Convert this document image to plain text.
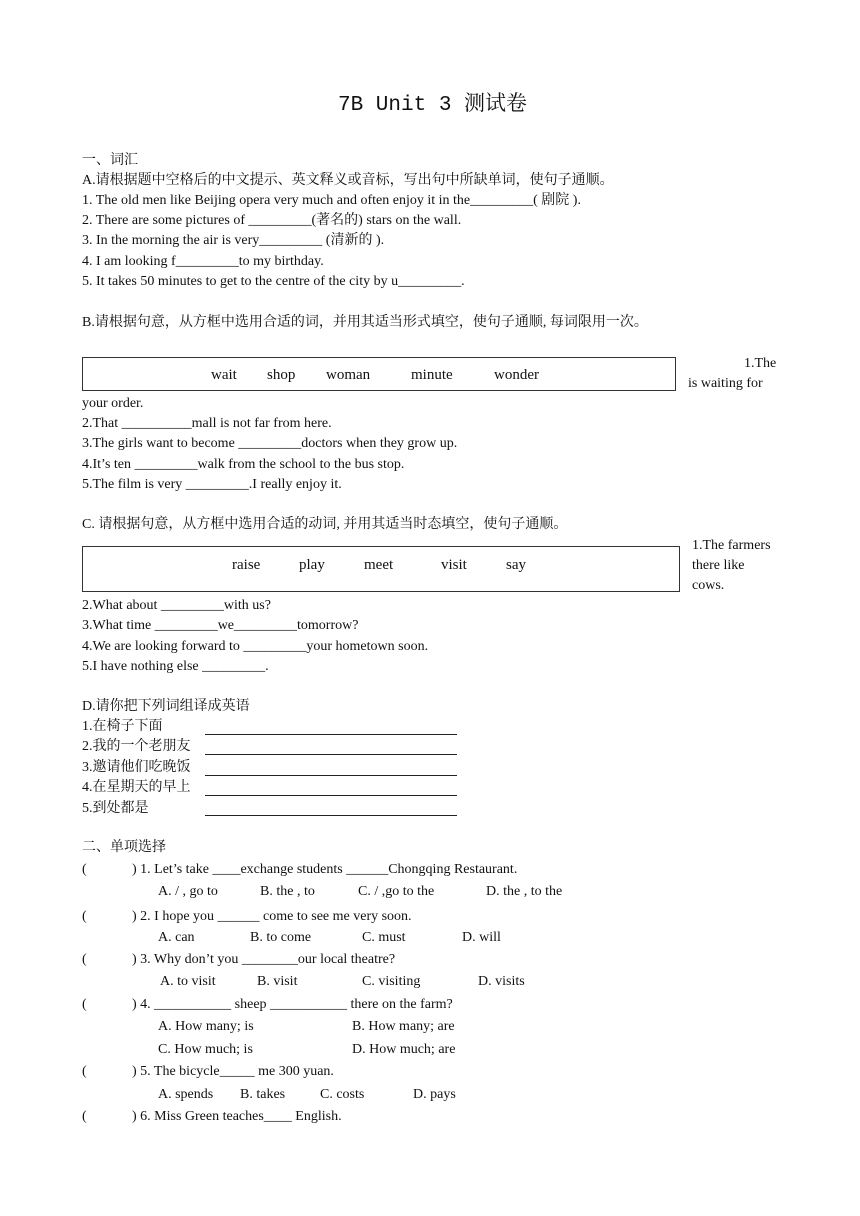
7B Unit 3 测试卷
一、词汇
A.请根据题中空格后的中文提示、英文释义或音标，写出句中所缺单词，使句子通顺。
1. The old men like Beijing opera very much and often enjoy it in the_________( 剧院 ).
2. There are some pictures of _________(著名的) stars on the wall.
3. In the morning the air is very_________ (清新的 ).
4. I am looking f_________to my birthday.
5. It takes 50 minutes to get to the centre of the city by u_________.
B.请根据句意，从方框中选用合适的词，并用其适当形式填空，使句子通顺, 每词限用一次。
wait shop woman	minute	wonder
1.The
is waiting for
your order.
2.That __________mall is not far from here.
3.The girls want to become _________doctors when they grow up.
4.It’s ten _________walk from the school to the bus stop.
5.The film is very _________.I really enjoy it.
C. 请根据句意，从方框中选用合适的动词, 并用其适当时态填空，使句子通顺。
raise	play	meet	visit	say
1.The farmers
there like
cows.
2.What about _________with us?
3.What time _________we_________tomorrow?
4.We are looking forward to _________your hometown soon.
5.I have nothing else _________.
D.请你把下列词组译成英语
1.在椅子下面
2.我的一个老朋友
3.邀请他们吃晚饭
4.在星期天的早上
5.到处都是
二、单项选择
(	) 1. Let’s take ____exchange students ______Chongqing Restaurant.
A. / , go to	B. the , to	C. / ,go to the	D. the , to the
(	) 2. I hope you ______ come to see me very soon.
A. can	B. to come	C. must	D. will
(	) 3. Why don’t you ________our local theatre?
A. to visit	B. visit	C. visiting	D. visits
(	) 4. ___________ sheep ___________ there on the farm?
A. How many; is	B. How many; are
C. How much; is	D. How much; are
(	) 5. The bicycle_____ me 300 yuan.
A. spends B. takes C. costs	D. pays
(	) 6. Miss Green teaches____ English.
